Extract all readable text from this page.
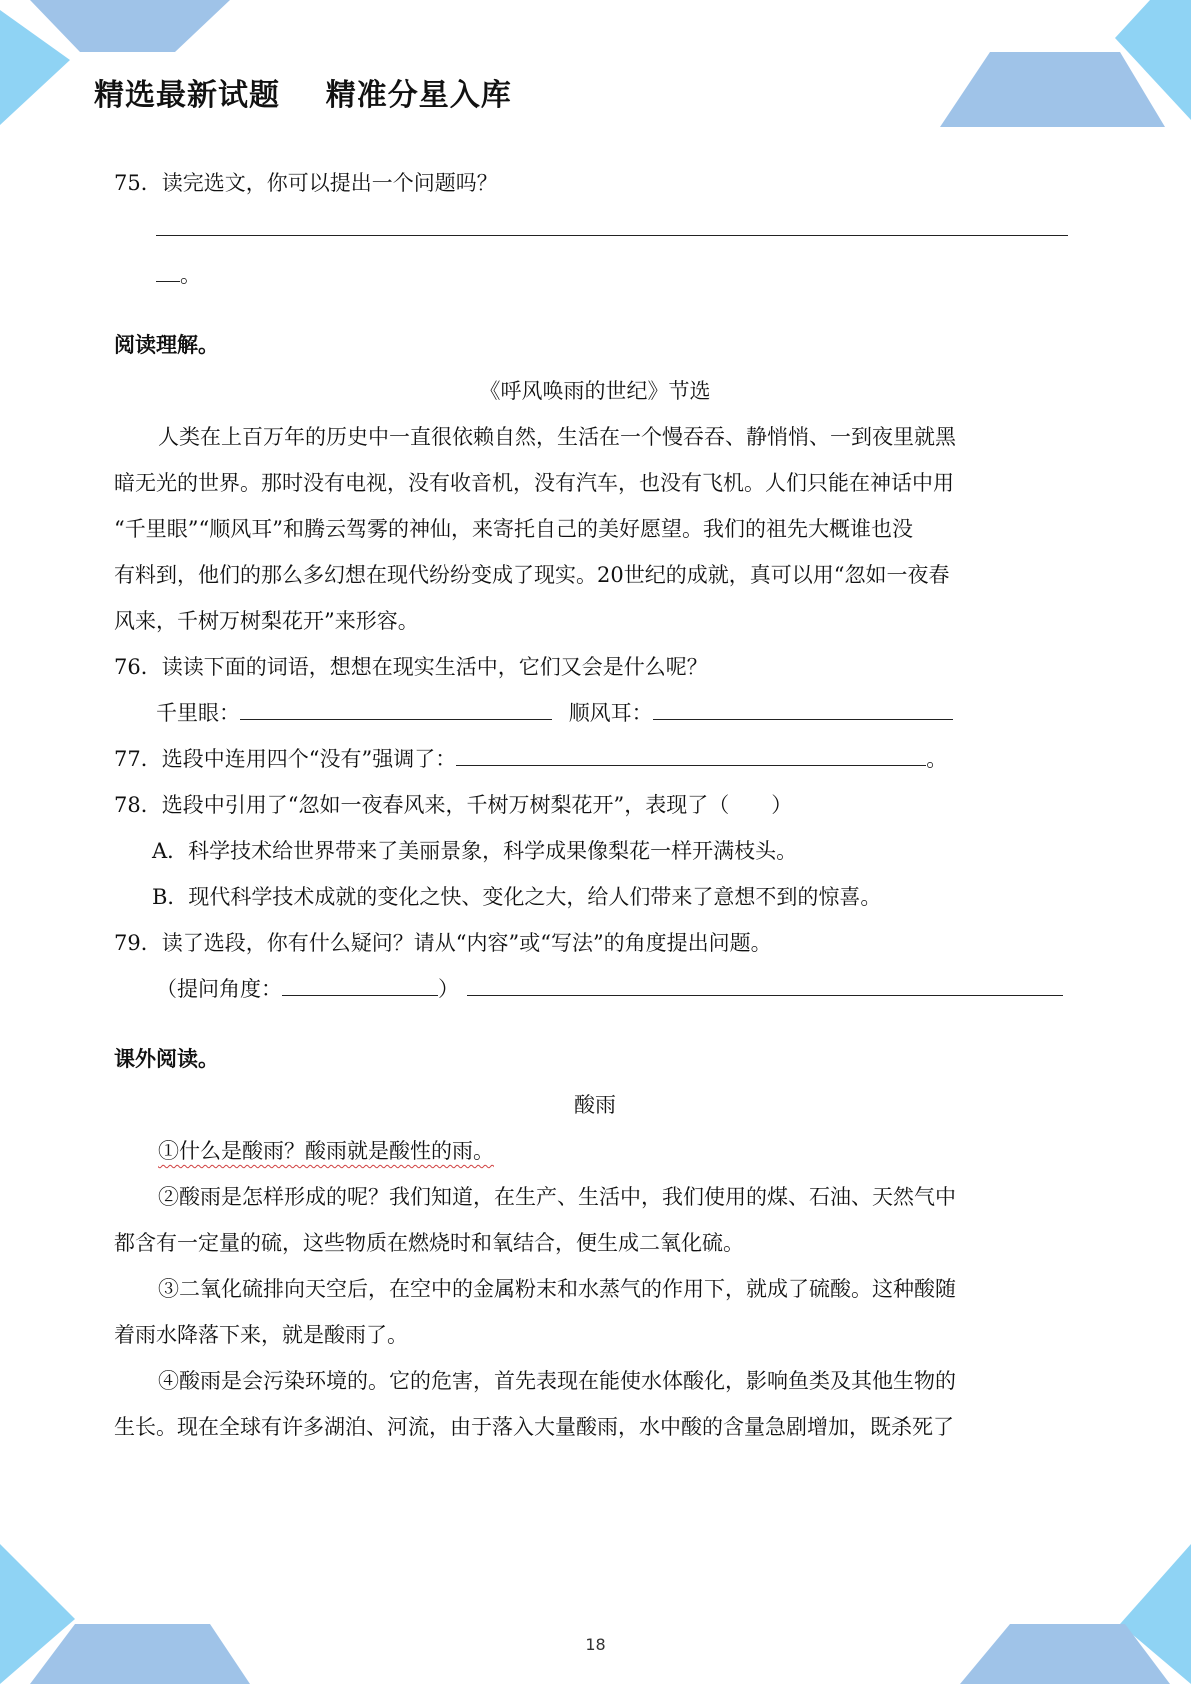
精选最新试题    精准分星入库
75．读完选文，你可以提出一个问题吗？
。
阅读理解。
《呼风唤雨的世纪》节选
人类在上百万年的历史中一直很依赖自然，生活在一个慢吞吞、静悄悄、一到夜里就黑
暗无光的世界。那时没有电视，没有收音机，没有汽车，也没有飞机。人们只能在神话中用
“千里眼”“顺风耳”和腾云驾雾的神仙，来寄托自己的美好愿望。我们的祖先大概谁也没
有料到，他们的那么多幻想在现代纷纷变成了现实。20世纪的成就，真可以用“忽如一夜春
风来，千树万树梨花开”来形容。
76．读读下面的词语，想想在现实生活中，它们又会是什么呢？
千里眼：	顺风耳：
77．选段中连用四个“没有”强调了：	。
78．选段中引用了“忽如一夜春风来，千树万树梨花开”，表现了（　　）
A．科学技术给世界带来了美丽景象，科学成果像梨花一样开满枝头。
B．现代科学技术成就的变化之快、变化之大，给人们带来了意想不到的惊喜。
79．读了选段，你有什么疑问？请从“内容”或“写法”的角度提出问题。
（提问角度：	）
课外阅读。
酸雨
①什么是酸雨？酸雨就是酸性的雨。
②酸雨是怎样形成的呢？我们知道，在生产、生活中，我们使用的煤、石油、天然气中
都含有一定量的硫，这些物质在燃烧时和氧结合，便生成二氧化硫。
③二氧化硫排向天空后，在空中的金属粉末和水蒸气的作用下，就成了硫酸。这种酸随
着雨水降落下来，就是酸雨了。
④酸雨是会污染环境的。它的危害，首先表现在能使水体酸化，影响鱼类及其他生物的
生长。现在全球有许多湖泊、河流，由于落入大量酸雨，水中酸的含量急剧增加，既杀死了
18
